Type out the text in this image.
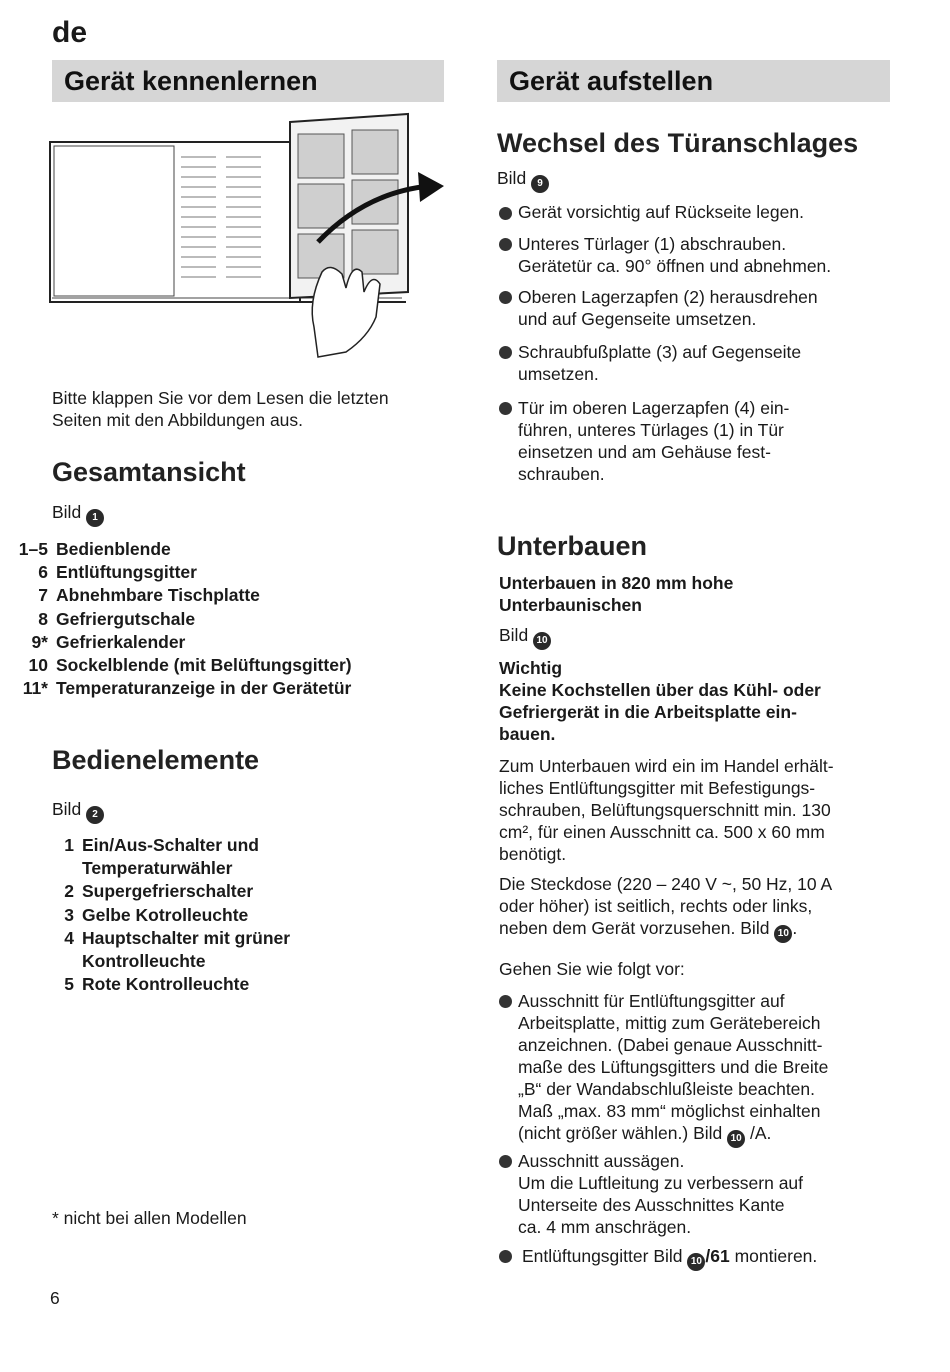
de
Gerät kennenlernen
Bitte klappen Sie vor dem Lesen die letzten
Seiten mit den Abbildungen aus.
Gesamtansicht
Bild 1
1–5 Bedienblende
6 Entlüftungsgitter
7 Abnehmbare Tischplatte
8 Gefriergutschale
9* Gefrierkalender
10 Sockelblende (mit Belüftungsgitter)
11* Temperaturanzeige in der Gerätetür
Bedienelemente
Bild 2
1 Ein/Aus-Schalter und
Temperaturwähler
2 Supergefrierschalter
3 Gelbe Kotrolleuchte
4 Hauptschalter mit grüner
Kontrolleuchte
5 Rote Kontrolleuchte
* nicht bei allen Modellen
6
Gerät aufstellen
Wechsel des Türanschlages
Bild 9
Gerät vorsichtig auf Rückseite legen.
Unteres Türlager (1) abschrauben.
Gerätetür ca. 90° öffnen und abnehmen.
Oberen Lagerzapfen (2) herausdrehen
und auf Gegenseite umsetzen.
Schraubfußplatte (3) auf Gegenseite
umsetzen.
Tür im oberen Lagerzapfen (4) ein-
führen, unteres Türlages (1) in Tür
einsetzen und am Gehäuse fest-
schrauben.
Unterbauen
Unterbauen in 820 mm hohe
Unterbaunischen
Bild 10
Wichtig
Keine Kochstellen über das Kühl- oder
Gefriergerät in die Arbeitsplatte ein-
bauen.
Zum Unterbauen wird ein im Handel erhält-
liches Entlüftungsgitter mit Befestigungs-
schrauben, Belüftungsquerschnitt min. 130
cm², für einen Ausschnitt ca. 500 x 60 mm
benötigt.
Die Steckdose (220 – 240 V ~, 50 Hz, 10 A
oder höher) ist seitlich, rechts oder links,
neben dem Gerät vorzusehen. Bild 10 .
Gehen Sie wie folgt vor:
Ausschnitt für Entlüftungsgitter auf
Arbeitsplatte, mittig zum Gerätebereich
anzeichnen. (Dabei genaue Ausschnitt-
maße des Lüftungsgitters und die Breite
„B“ der Wandabschlußleiste beachten.
Maß „max. 83 mm“ möglichst einhalten
(nicht größer wählen.) Bild 10 /A.
Ausschnitt aussägen.
Um die Luftleitung zu verbessern auf
Unterseite des Ausschnittes Kante
ca. 4 mm anschrägen.
Entlüftungsgitter Bild 10 /61 montieren.
